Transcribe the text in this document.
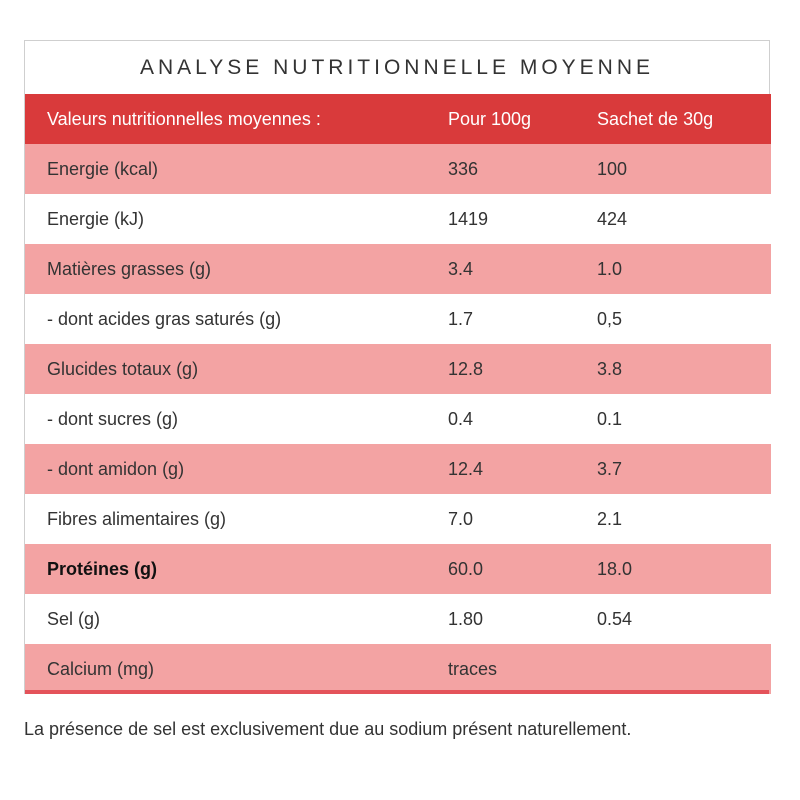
ANALYSE NUTRITIONNELLE MOYENNE
Valeurs nutritionnelles moyennes :	Pour 100g	Sachet de 30g
Energie (kcal)	336	100
Energie (kJ)	1419	424
Matières grasses (g)	3.4	1.0
- dont acides gras saturés (g)	1.7	0,5
Glucides totaux (g)	12.8	3.8
- dont sucres (g)	0.4	0.1
- dont amidon (g)	12.4	3.7
Fibres alimentaires (g)	7.0	2.1
Protéines (g)	60.0	18.0
Sel (g)	1.80	0.54
Calcium (mg)	traces	
La présence de sel est exclusivement due au sodium présent naturellement.
